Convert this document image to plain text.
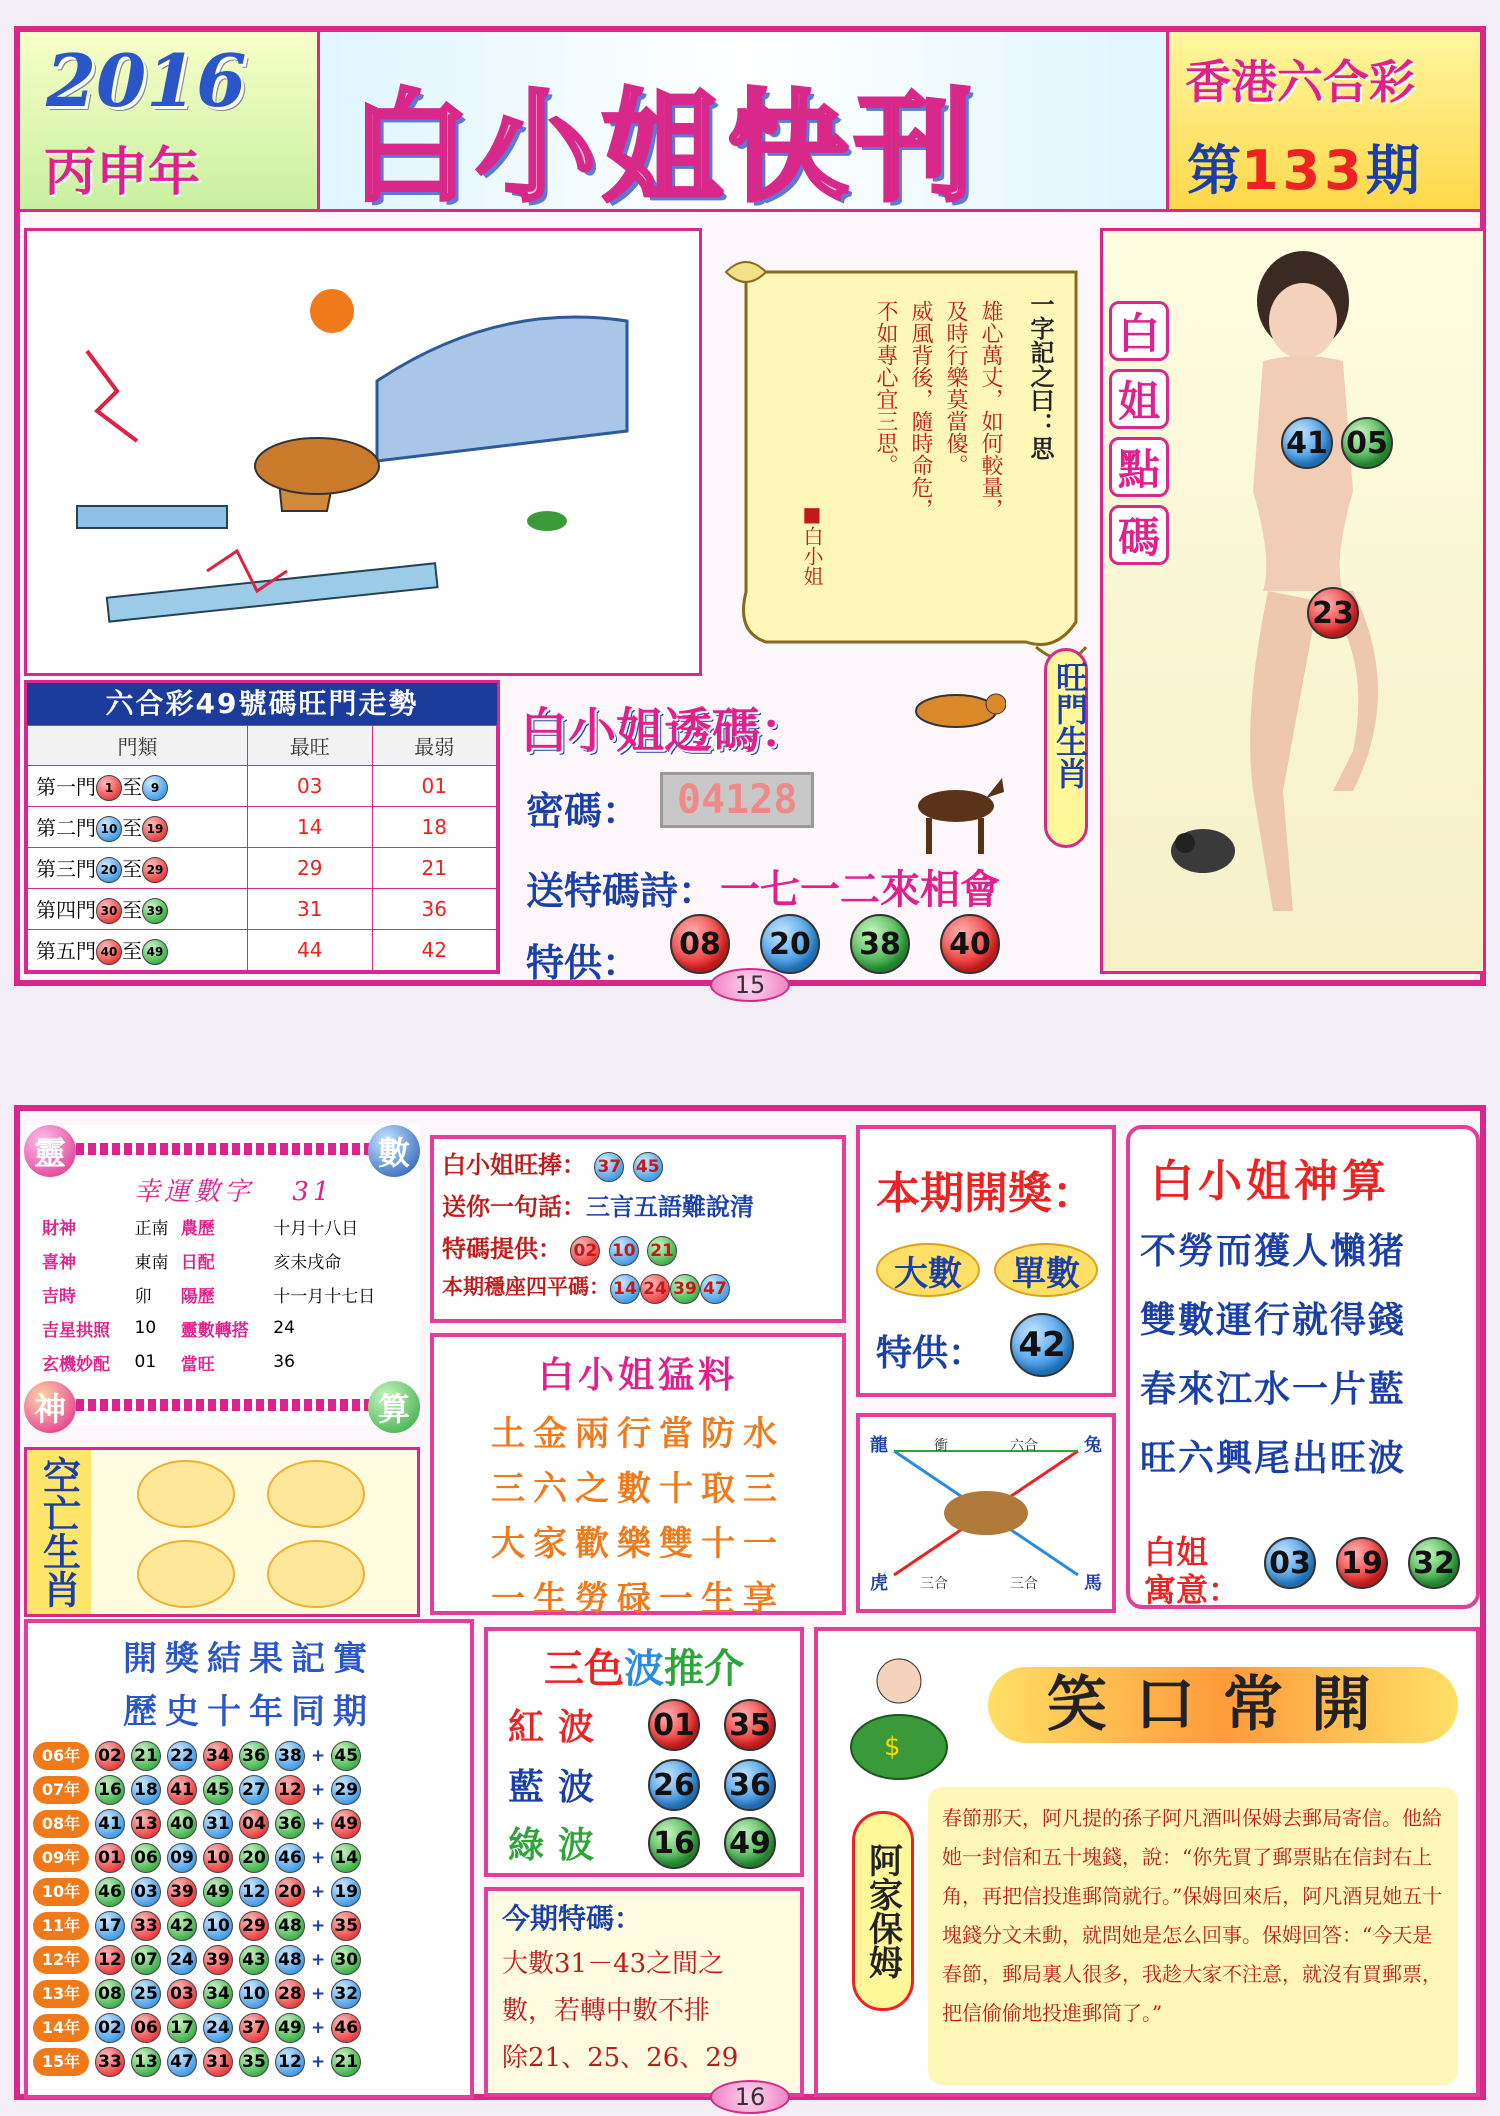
2016
丙申年 白小姐快刊	香港六合彩
第133期
一字記之曰：思
雄心萬丈，如何較量，
及時行樂莫當傻。
威風背後，隨時命危，
不如專心宜三思。
■白小姐
白
姐
點
碼
41 05
23
六合彩49號碼旺門走勢
門類	最旺	最弱
第一門 1 至 9	03	01
第二門 10 至 19	14	18
第三門 20 至 29	29	21
第四門 30 至 39	31	36
第五門 40 至 49	44	42
白小姐透碼：
密碼： 04128
送特碼詩： 一七一二來相會
特供：	08	20	38	40
旺門生肖
15
靈	數
神	算
幸運數字 31
財神	正南	農歷	十月十八日
喜神	東南	日配	亥未戌命
吉時	卯	陽歷	十一月十七日
吉星拱照	10	靈數轉搭	24
玄機妙配	01	當旺	36
空亡生肖
白小姐旺捧： 37 45
送你一句話：三言五語難說清
特碼提供： 02 10 21
本期穩座四平碼： 14 24 39 47
白小姐猛料
土金兩行當防水
三六之數十取三
大家歡樂雙十一
一生勞碌一生享
本期開獎：
大數	單數
特供： 42
龍	衝	六合	兔
虎 三合	三合	馬
白小姐神算
不勞而獲人懶猪
雙數運行就得錢
春來江水一片藍
旺六興尾出旺波
白姐
寓意：
03 19 32
開獎結果記實
歷史十年同期
06年	02	21	22	34	36	38	+	45
07年	16	18	41	45	27	12	+	29
08年	41	13	40	31	04	36	+	49
09年	01	06	09	10	20	46	+	14
10年	46	03	39	49	12	20	+	19
11年	17	33	42	10	29	48	+	35
12年	12	07	24	39	43	48	+	30
13年	08	25	03	34	10	28	+	32
14年	02	06	17	24	37	49	+	46
15年	33	13	47	31	35	12	+	21
三色波推介
紅波 01 35
藍波 26 36
綠波 16 49
今期特碼：
大數31－43之間之
數，若轉中數不排
除21、25、26、29
$
笑口常開
阿家保姆
春節那天，阿凡提的孫子阿凡酒叫保姆去郵局寄信。他給她一封信和五十塊錢，說：“你先買了郵票貼在信封右上角，再把信投進郵筒就行。”保姆回來后，阿凡酒見她五十塊錢分文未動，就問她是怎么回事。保姆回答：“今天是春節，郵局裏人很多，我趁大家不注意，就沒有買郵票，把信偷偷地投進郵筒了。”
16
